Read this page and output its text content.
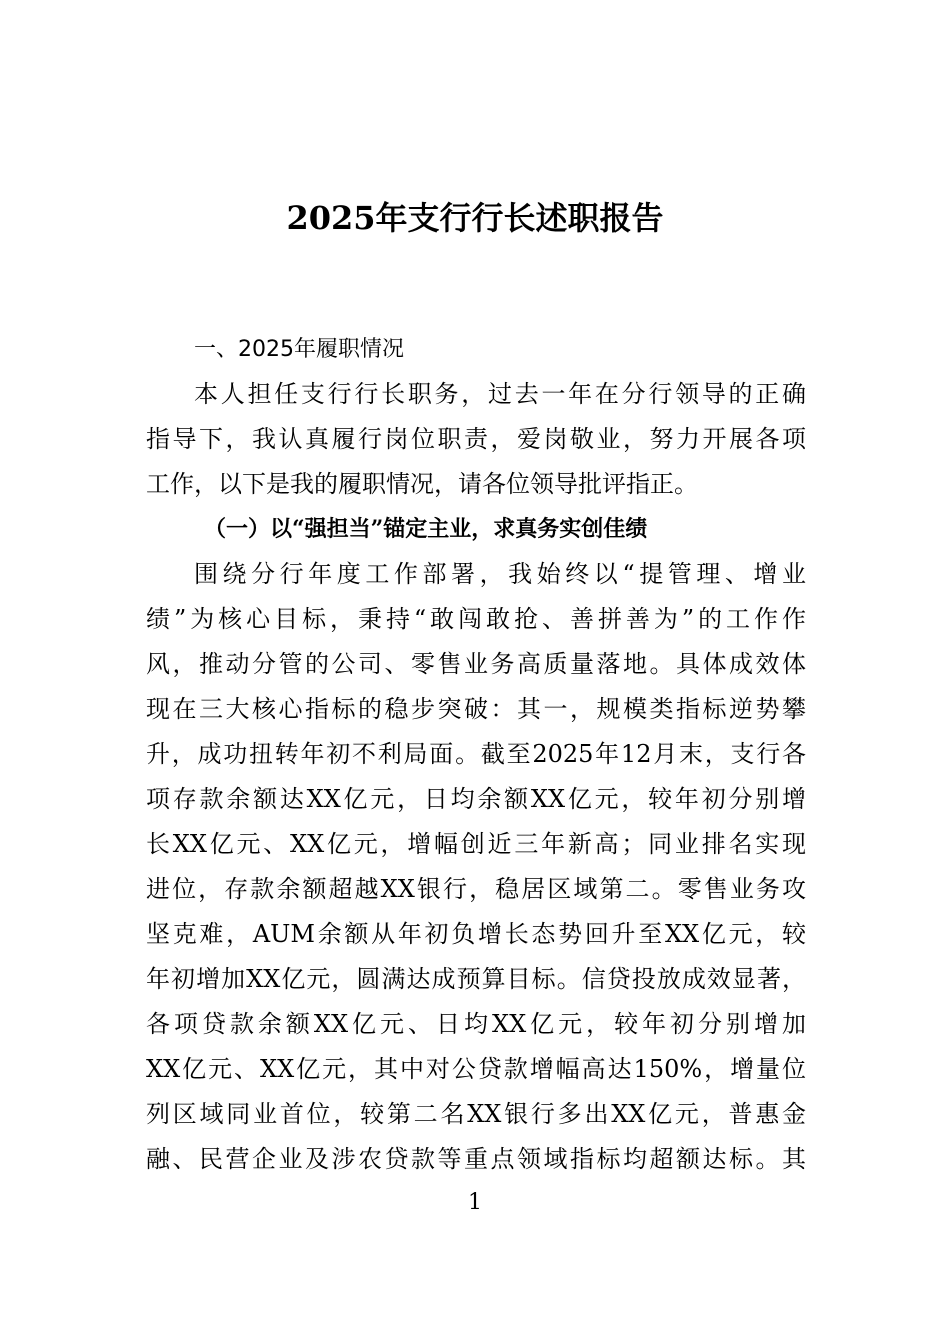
2025年支行行长述职报告
一、2025年履职情况
本人担任支行行长职务，过去一年在分行领导的正确
指导下，我认真履行岗位职责，爱岗敬业，努力开展各项
工作，以下是我的履职情况，请各位领导批评指正。
（一）以“强担当”锚定主业，求真务实创佳绩
围绕分行年度工作部署，我始终以“提管理、增业
绩”为核心目标，秉持“敢闯敢抢、善拼善为”的工作作
风，推动分管的公司、零售业务高质量落地。具体成效体
现在三大核心指标的稳步突破：其一，规模类指标逆势攀
升，成功扭转年初不利局面。截至2025年12月末，支行各
项存款余额达XX亿元，日均余额XX亿元，较年初分别增
长XX亿元、XX亿元，增幅创近三年新高；同业排名实现
进位，存款余额超越XX银行，稳居区域第二。零售业务攻
坚克难，AUM余额从年初负增长态势回升至XX亿元，较
年初增加XX亿元，圆满达成预算目标。信贷投放成效显著，
各项贷款余额XX亿元、日均XX亿元，较年初分别增加
XX亿元、XX亿元，其中对公贷款增幅高达150%，增量位
列区域同业首位，较第二名XX银行多出XX亿元，普惠金
融、民营企业及涉农贷款等重点领域指标均超额达标。其
1
